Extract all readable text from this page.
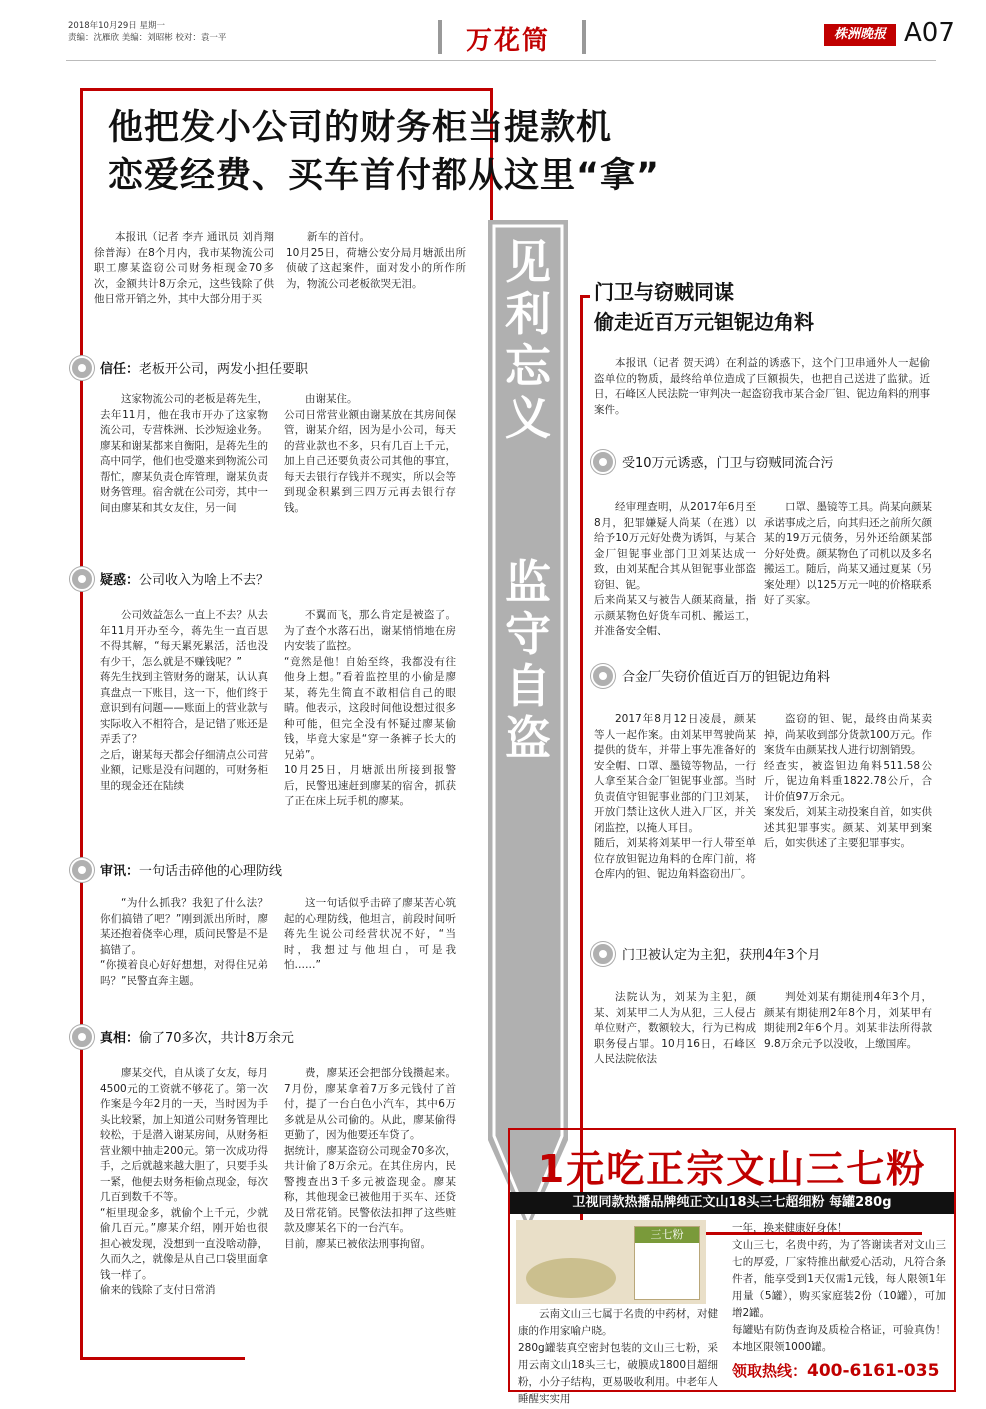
2018年10月29日 星期一
责编：沈雁欣 美编：刘昭彬 校对：袁一平	万花筒	株洲晚报 A07
他把发小公司的财务柜当提款机
恋爱经费、买车首付都从这里“拿”
本报讯（记者 李卉 通讯员 刘肖翔 徐普海）在8个月内，我市某物流公司职工廖某盗窃公司财务柜现金70多次，金额共计8万余元，这些钱除了供他日常开销之外，其中大部分用于买
新车的首付。
10月25日，荷塘公安分局月塘派出所侦破了这起案件，面对发小的所作所为，物流公司老板欲哭无泪。
信任：老板开公司，两发小担任要职
这家物流公司的老板是蒋先生，去年11月，他在我市开办了这家物流公司，专营株洲、长沙短途业务。廖某和谢某都来自衡阳，是蒋先生的高中同学，他们也受邀来到物流公司帮忙，廖某负责仓库管理，谢某负责财务管理。宿舍就在公司旁，其中一间由廖某和其女友住，另一间
由谢某住。
公司日常营业额由谢某放在其房间保管，谢某介绍，因为是小公司，每天的营业款也不多，只有几百上千元，加上自己还要负责公司其他的事宜，每天去银行存钱并不现实，所以会等到现金积累到三四万元再去银行存钱。
疑惑：公司收入为啥上不去？
公司效益怎么一直上不去？从去年11月开办至今，蒋先生一直百思不得其解，“每天累死累活，活也没有少干，怎么就是不赚钱呢？”
蒋先生找到主管财务的谢某，认认真真盘点一下账目，这一下，他们终于意识到有问题——账面上的营业款与实际收入不相符合，是记错了账还是弄丢了？
之后，谢某每天都会仔细清点公司营业额，记账是没有问题的，可财务柜里的现金还在陆续
不翼而飞，那么肯定是被盗了。为了查个水落石出，谢某悄悄地在房内安装了监控。
“竟然是他！自始至终，我都没有往他身上想。”看着监控里的小偷是廖某，蒋先生简直不敢相信自己的眼睛。他表示，这段时间他设想过很多种可能，但完全没有怀疑过廖某偷钱，毕竟大家是“穿一条裤子长大的兄弟”。
10月25日，月塘派出所接到报警后，民警迅速赶到廖某的宿舍，抓获了正在床上玩手机的廖某。
审讯：一句话击碎他的心理防线
“为什么抓我？我犯了什么法？你们搞错了吧？”刚到派出所时，廖某还抱着侥幸心理，质问民警是不是搞错了。
“你摸着良心好好想想，对得住兄弟吗？”民警直奔主题。
这一句话似乎击碎了廖某苦心筑起的心理防线，他坦言，前段时间听蒋先生说公司经营状况不好，“当时，我想过与他坦白，可是我怕……”
真相：偷了70多次，共计8万余元
廖某交代，自从谈了女友，每月4500元的工资就不够花了。第一次作案是今年2月的一天，当时因为手头比较紧，加上知道公司财务管理比较松，于是潜入谢某房间，从财务柜营业额中抽走200元。第一次成功得手，之后就越来越大胆了，只要手头一紧，他便去财务柜偷点现金，每次几百到数千不等。
“柜里现金多，就偷个上千元，少就偷几百元。”廖某介绍，刚开始也很担心被发现，没想到一直没啥动静，久而久之，就像是从自己口袋里面拿钱一样了。
偷来的钱除了支付日常消
费，廖某还会把部分钱攒起来。7月份，廖某拿着7万多元钱付了首付，提了一台白色小汽车，其中6万多就是从公司偷的。从此，廖某偷得更勤了，因为他要还车贷了。
据统计，廖某盗窃公司现金70多次，共计偷了8万余元。在其住房内，民警搜查出3千多元被盗现金。廖某称，其他现金已被他用于买车、还贷及日常花销。民警依法扣押了这些赃款及廖某名下的一台汽车。
目前，廖某已被依法刑事拘留。
见利忘义
监守自盗
门卫与窃贼同谋
偷走近百万元钽铌边角料
本报讯（记者 贺天鸿）在利益的诱惑下，这个门卫串通外人一起偷盗单位的物质，最终给单位造成了巨额损失，也把自己送进了监狱。近日，石峰区人民法院一审判决一起盗窃我市某合金厂钽、铌边角料的刑事案件。
受10万元诱惑，门卫与窃贼同流合污
经审理查明，从2017年6月至8月，犯罪嫌疑人尚某（在逃）以给予10万元好处费为诱饵，与某合金厂钽铌事业部门卫刘某达成一致，由刘某配合其从钽铌事业部盗窃钽、铌。
后来尚某又与被告人颜某商量，指示颜某物色好货车司机、搬运工，并准备安全帽、
口罩、墨镜等工具。尚某向颜某承诺事成之后，向其归还之前所欠颜某的19万元债务，另外还给颜某部分好处费。颜某物色了司机以及多名搬运工。随后，尚某又通过夏某（另案处理）以125万元一吨的价格联系好了买家。
合金厂失窃价值近百万的钽铌边角料
2017年8月12日凌晨，颜某等人一起作案。由刘某甲驾驶尚某提供的货车，并带上事先准备好的安全帽、口罩、墨镜等物品，一行人拿至某合金厂钽铌事业部。当时负责值守钽铌事业部的门卫刘某，开放门禁让这伙人进入厂区，并关闭监控，以掩人耳目。
随后，刘某将刘某甲一行人带至单位存放钽铌边角料的仓库门前，将仓库内的钽、铌边角料盗窃出厂。
盗窃的钽、铌，最终由尚某卖掉，尚某收到部分货款100万元。作案货车由颜某找人进行切割销毁。
经查实，被盗钽边角料511.58公斤，铌边角料重1822.78公斤，合计价值97万余元。
案发后，刘某主动投案自首，如实供述其犯罪事实。颜某、刘某甲到案后，如实供述了主要犯罪事实。
门卫被认定为主犯，获刑4年3个月
法院认为，刘某为主犯，颜某、刘某甲二人为从犯，三人侵占单位财产，数额较大，行为已构成职务侵占罪。10月16日，石峰区人民法院依法
判处刘某有期徒刑4年3个月，颜某有期徒刑2年8个月，刘某甲有期徒刑2年6个月。刘某非法所得款9.8万余元予以没收，上缴国库。
1元吃正宗文山三七粉
卫视同款热播品牌纯正文山18头三七超细粉 每罐280g
三七粉
云南文山三七属于名贵的中药材，对健康的作用家喻户晓。
280g罐装真空密封包装的文山三七粉，采用云南文山18头三七，破膜成1800目超细粉，小分子结构，更易吸收利用。中老年人睡醒实实用
一年，换来健康好身体！
文山三七，名贵中药，为了答谢读者对文山三七的厚爱，厂家特推出献爱心活动，凡符合条件者，能享受到1天仅需1元钱，每人限领1年用量（5罐），购买家庭装2份（10罐），可加增2罐。
每罐贴有防伪查询及质检合格证，可验真伪！本地区限领1000罐。
领取热线：400-6161-035
